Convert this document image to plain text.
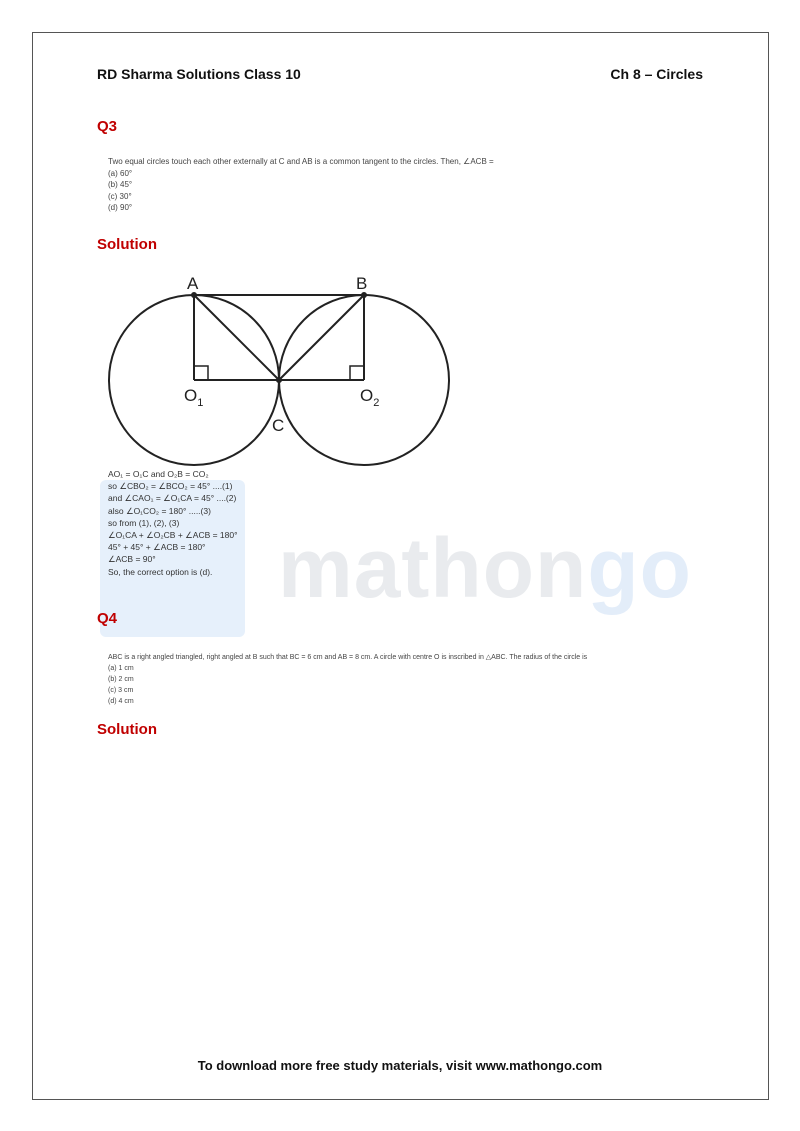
RD Sharma Solutions Class 10	Ch 8 – Circles
mathongo
Q3
Two equal circles touch each other externally at C and AB is a common tangent to the circles. Then, ∠ACB =
(a) 60°
(b) 45°
(c) 30°
(d) 90°
Solution
A	B
C
$O_1$	$O_2$
AO₁ = O₁C and O₂B = CO₂
so ∠CBO₂ = ∠BCO₂ = 45° ....(1)
and ∠CAO₁ = ∠O₁CA = 45° ....(2)
also ∠O₁CO₂ = 180° .....(3)
so from (1), (2), (3)
∠O₁CA + ∠O₂CB + ∠ACB = 180°
45° + 45° + ∠ACB = 180°
∠ACB = 90°
So, the correct option is (d).
Q4
ABC is a right angled triangled, right angled at B such that BC = 6 cm and AB = 8 cm. A circle with centre O is inscribed in △ABC. The radius of the circle is
(a) 1 cm
(b) 2 cm
(c) 3 cm
(d) 4 cm
Solution
To download more free study materials, visit www.mathongo.com
